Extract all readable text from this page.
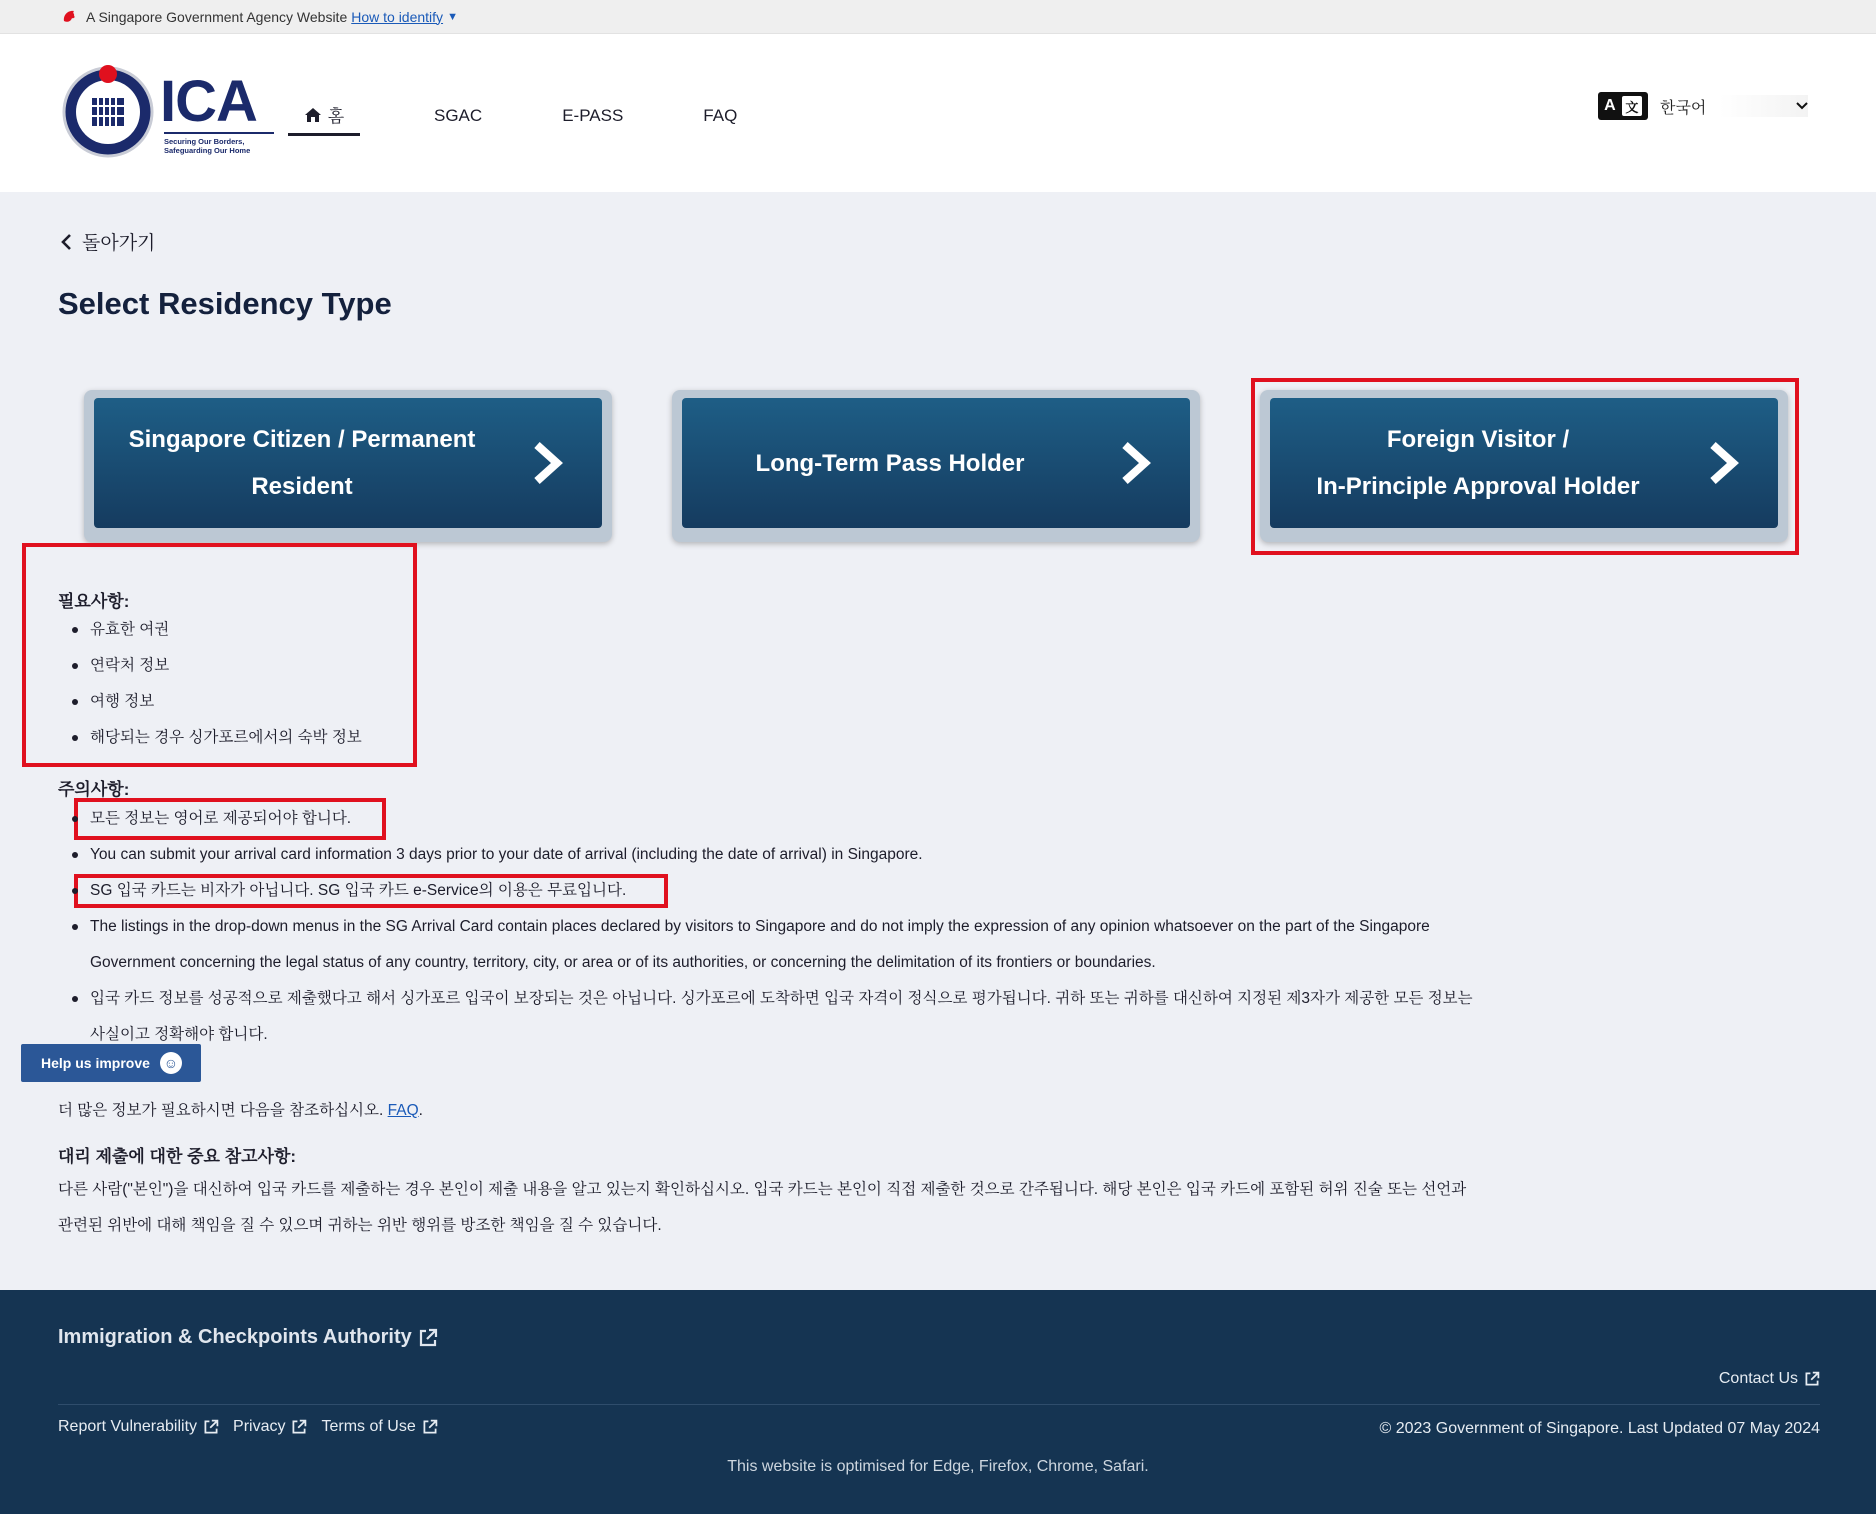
A Singapore Government Agency Website How to identify ▼
ICA
Securing Our Borders, Safeguarding Our Home
홈	SGAC	E-PASS	FAQ
A 文 한국어
돌아가기
Select Residency Type
Singapore Citizen / Permanent
Resident
Long-Term Pass Holder
Foreign Visitor /
In-Principle Approval Holder
필요사항:
유효한 여권
연락처 정보
여행 정보
해당되는 경우 싱가포르에서의 숙박 정보
주의사항:
모든 정보는 영어로 제공되어야 합니다.
You can submit your arrival card information 3 days prior to your date of arrival (including the date of arrival) in Singapore.
SG 입국 카드는 비자가 아닙니다. SG 입국 카드 e-Service의 이용은 무료입니다.
The listings in the drop-down menus in the SG Arrival Card contain places declared by visitors to Singapore and do not imply the expression of any opinion whatsoever on the part of the Singapore Government concerning the legal status of any country, territory, city, or area or of its authorities, or concerning the delimitation of its frontiers or boundaries.
입국 카드 정보를 성공적으로 제출했다고 해서 싱가포르 입국이 보장되는 것은 아닙니다. 싱가포르에 도착하면 입국 자격이 정식으로 평가됩니다. 귀하 또는 귀하를 대신하여 지정된 제3자가 제공한 모든 정보는 사실이고 정확해야 합니다.
Help us improve ☺
더 많은 정보가 필요하시면 다음을 참조하십시오. FAQ.
대리 제출에 대한 중요 참고사항:

다른 사람("본인")을 대신하여 입국 카드를 제출하는 경우 본인이 제출 내용을 알고 있는지 확인하십시오. 입국 카드는 본인이 직접 제출한 것으로 간주됩니다. 해당 본인은 입국 카드에 포함된 허위 진술 또는 선언과 관련된 위반에 대해 책임을 질 수 있으며 귀하는 위반 행위를 방조한 책임을 질 수 있습니다.

Immigration & Checkpoints Authority
Contact Us
Report Vulnerability Privacy Terms of Use	© 2023 Government of Singapore. Last Updated 07 May 2024
This website is optimised for Edge, Firefox, Chrome, Safari.
